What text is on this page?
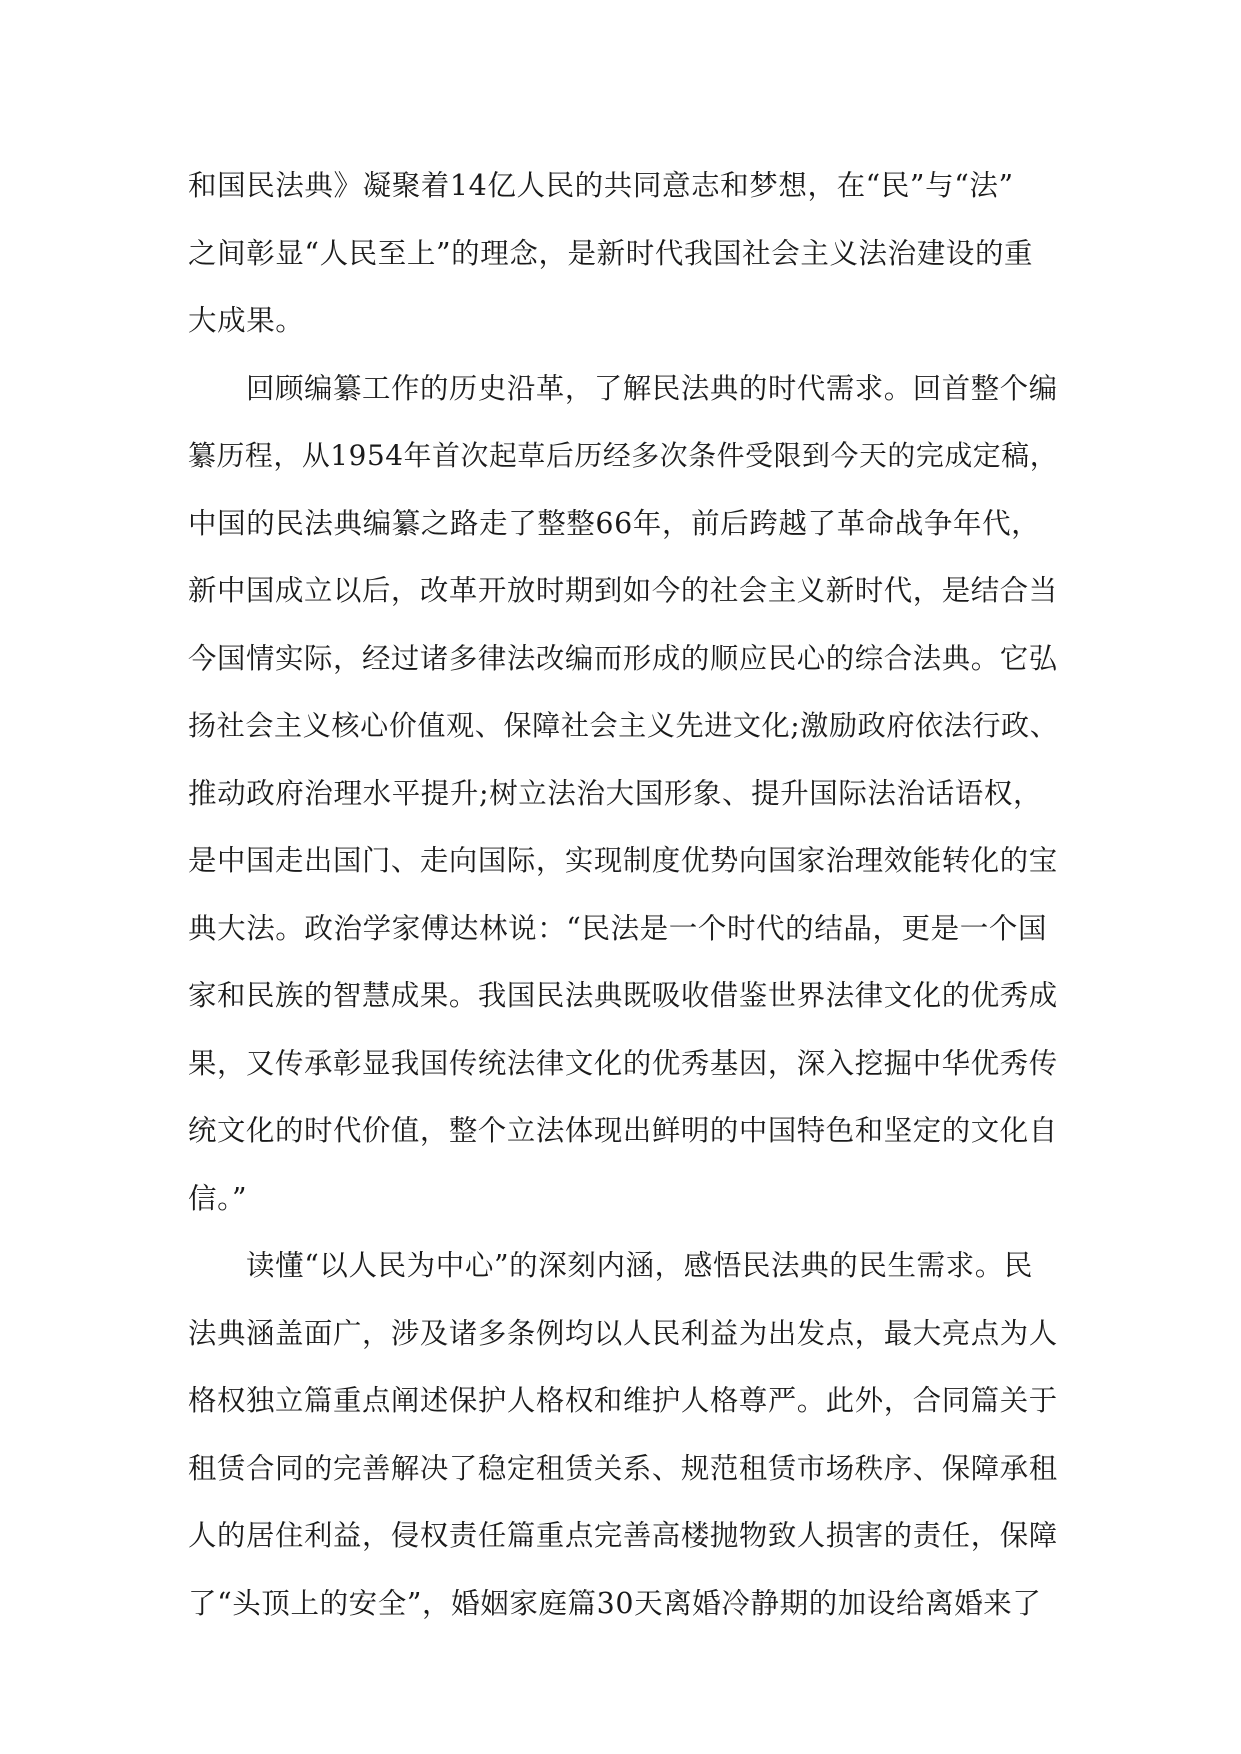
和国民法典》凝聚着14亿人民的共同意志和梦想，在“民”与“法”
之间彰显“人民至上”的理念，是新时代我国社会主义法治建设的重
大成果。
回顾编纂工作的历史沿革，了解民法典的时代需求。回首整个编
纂历程，从1954年首次起草后历经多次条件受限到今天的完成定稿，
中国的民法典编纂之路走了整整66年，前后跨越了革命战争年代，
新中国成立以后，改革开放时期到如今的社会主义新时代，是结合当
今国情实际，经过诸多律法改编而形成的顺应民心的综合法典。它弘
扬社会主义核心价值观、保障社会主义先进文化;激励政府依法行政、
推动政府治理水平提升;树立法治大国形象、提升国际法治话语权，
是中国走出国门、走向国际，实现制度优势向国家治理效能转化的宝
典大法。政治学家傅达林说：“民法是一个时代的结晶，更是一个国
家和民族的智慧成果。我国民法典既吸收借鉴世界法律文化的优秀成
果，又传承彰显我国传统法律文化的优秀基因，深入挖掘中华优秀传
统文化的时代价值，整个立法体现出鲜明的中国特色和坚定的文化自
信。”
读懂“以人民为中心”的深刻内涵，感悟民法典的民生需求。民
法典涵盖面广，涉及诸多条例均以人民利益为出发点，最大亮点为人
格权独立篇重点阐述保护人格权和维护人格尊严。此外，合同篇关于
租赁合同的完善解决了稳定租赁关系、规范租赁市场秩序、保障承租
人的居住利益，侵权责任篇重点完善高楼抛物致人损害的责任，保障
了“头顶上的安全”，婚姻家庭篇30天离婚冷静期的加设给离婚来了
